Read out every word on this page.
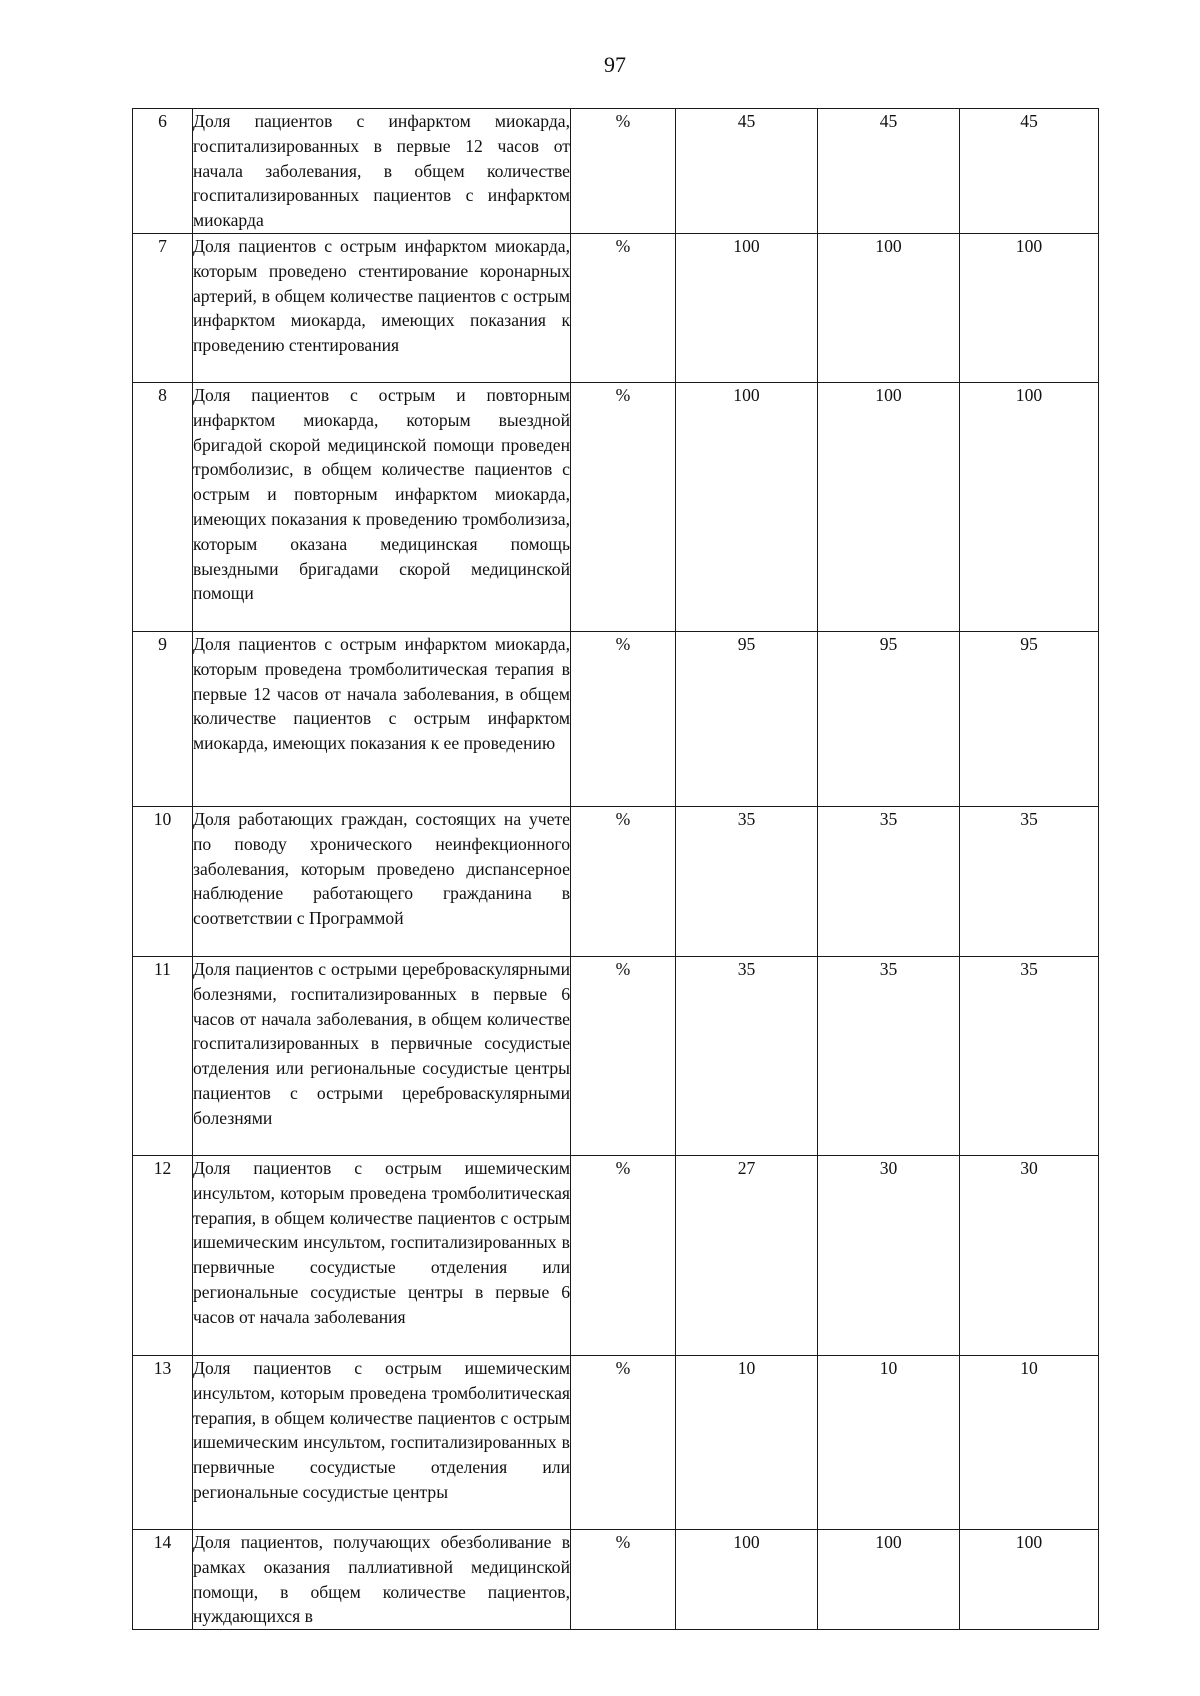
97
6	Доля пациентов с инфарктом миокарда, госпитализированных в первые 12 часов от начала заболевания, в общем количестве госпитализированных пациентов с инфарктом миокарда	%	45	45	45
7	Доля пациентов с острым инфарктом миокарда, которым проведено стентирование коронарных артерий, в общем количестве пациентов с острым инфарктом миокарда, имеющих показания к проведению стентирования	%	100	100	100
8	Доля пациентов с острым и повторным инфарктом миокарда, которым выездной бригадой скорой медицинской помощи проведен тромболизис, в общем количестве пациентов с острым и повторным инфарктом миокарда, имеющих показания к проведению тромболизиза, которым оказана медицинская помощь выездными бригадами скорой медицинской помощи	%	100	100	100
9	Доля пациентов с острым инфарктом миокарда, которым проведена тромболитическая терапия в первые 12 часов от начала заболевания, в общем количестве пациентов с острым инфарктом миокарда, имеющих показания к ее проведению	%	95	95	95
10	Доля работающих граждан, состоящих на учете по поводу хронического неинфекционного заболевания, которым проведено диспансерное наблюдение работающего гражданина в соответствии с Программой	%	35	35	35
11	Доля пациентов с острыми цереброваскулярными болезнями, госпитализированных в первые 6 часов от начала заболевания, в общем количестве госпитализированных в первичные сосудистые отделения или региональные сосудистые центры пациентов с острыми цереброваскулярными болезнями	%	35	35	35
12	Доля пациентов с острым ишемическим инсультом, которым проведена тромболитическая терапия, в общем количестве пациентов с острым ишемическим инсультом, госпитализированных в первичные сосудистые отделения или региональные сосудистые центры в первые 6 часов от начала заболевания	%	27	30	30
13	Доля пациентов с острым ишемическим инсультом, которым проведена тромболитическая терапия, в общем количестве пациентов с острым ишемическим инсультом, госпитализированных в первичные сосудистые отделения или региональные сосудистые центры	%	10	10	10
14	Доля пациентов, получающих обезболивание в рамках оказания паллиативной медицинской помощи, в общем количестве пациентов, нуждающихся в	%	100	100	100
